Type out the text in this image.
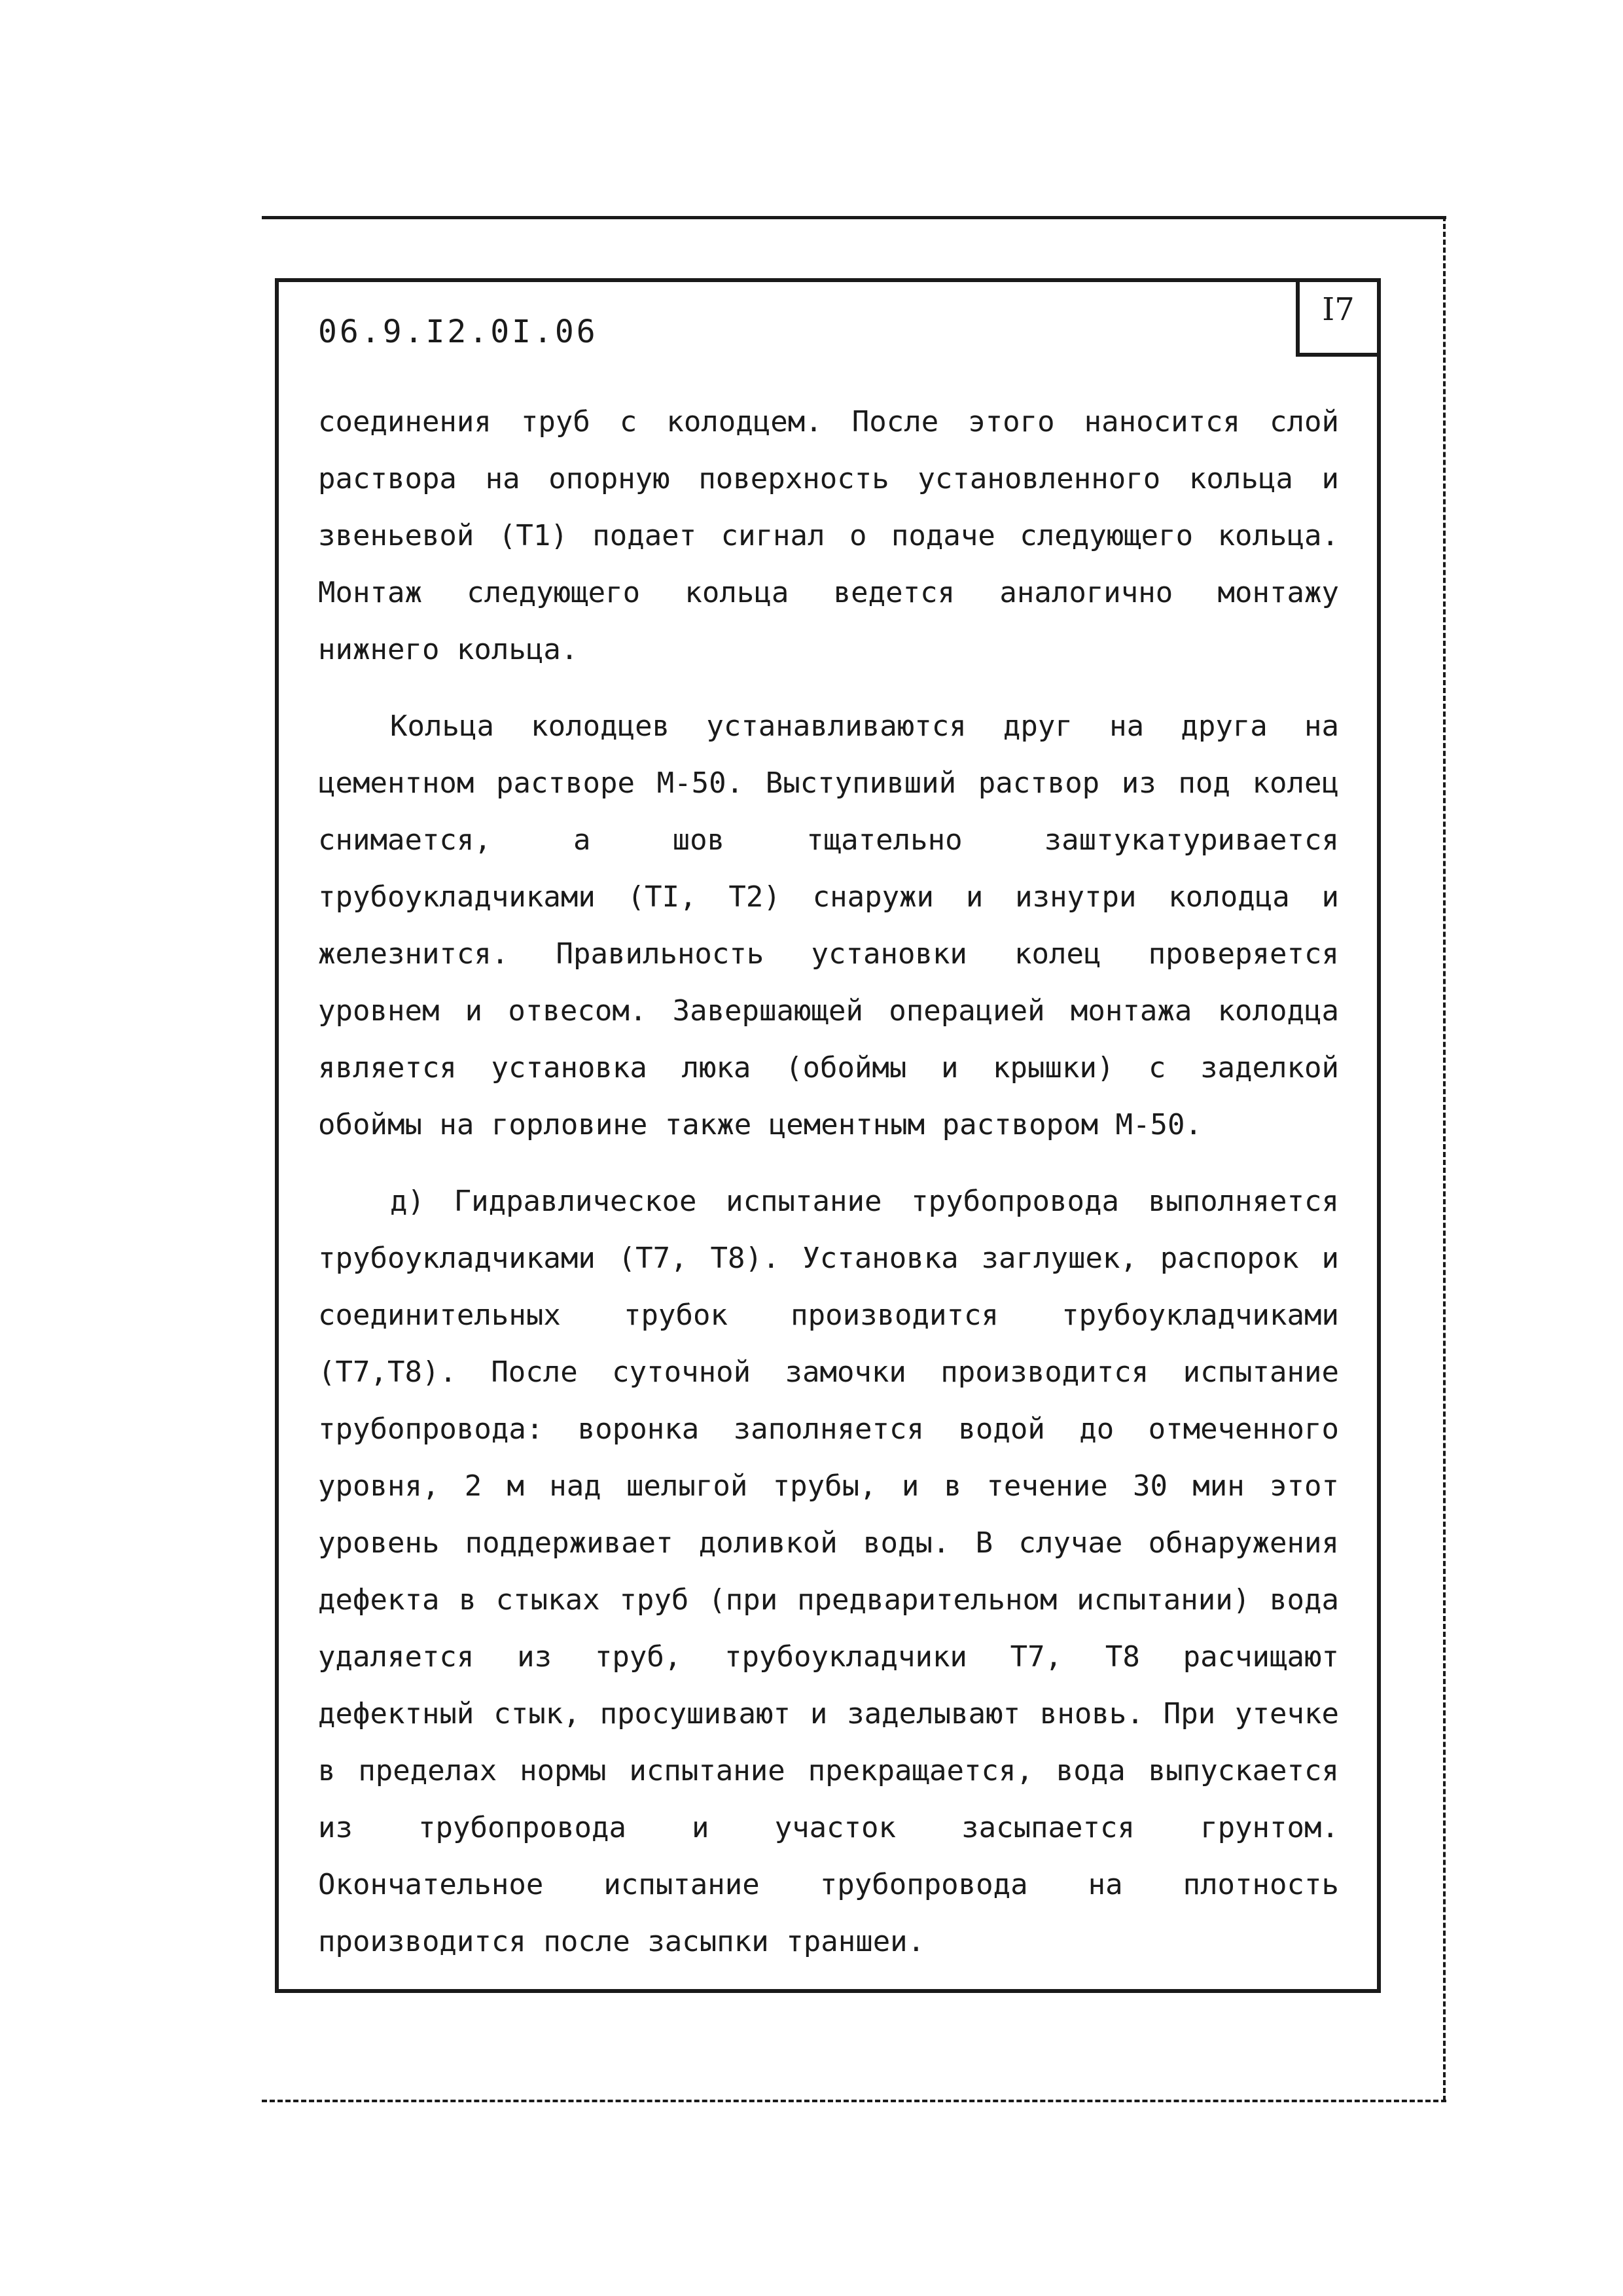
06.9.I2.0I.06
I7

соединения труб с колодцем. После этого наносится слой раствора на опорную поверхность установленного кольца и звеньевой (Т1) подает сигнал о подаче следующего кольца. Монтаж следующего кольца ведется аналогично монтажу нижнего кольца.

Кольца колодцев устанавливаются друг на друга на цементном растворе М-50. Выступивший раствор из под колец снимается, а шов тщательно заштукатуривается трубоукладчиками (ТI, Т2) снаружи и изнутри колодца и железнится. Правильность установки колец проверяется уровнем и отвесом. Завершающей операцией монтажа колодца является установка люка (обоймы и крышки) с заделкой обоймы на горловине также цементным раствором М-50.

д) Гидравлическое испытание трубопровода выполняется трубоукладчиками (Т7, Т8). Установка заглушек, распорок и соединительных трубок производится трубоукладчиками (Т7,Т8). После суточной замочки производится испытание трубопровода: воронка заполняется водой до отмеченного уровня, 2 м над шелыгой трубы, и в течение 30 мин этот уровень поддерживает доливкой воды. В случае обнаружения дефекта в стыках труб (при предварительном испытании) вода удаляется из труб, трубоукладчики Т7, Т8 расчищают дефектный стык, просушивают и заделывают вновь. При утечке в пределах нормы испытание прекращается, вода выпускается из трубопровода и участок засыпается грунтом. Окончательное испытание трубопровода на плотность производится после засыпки траншеи.
